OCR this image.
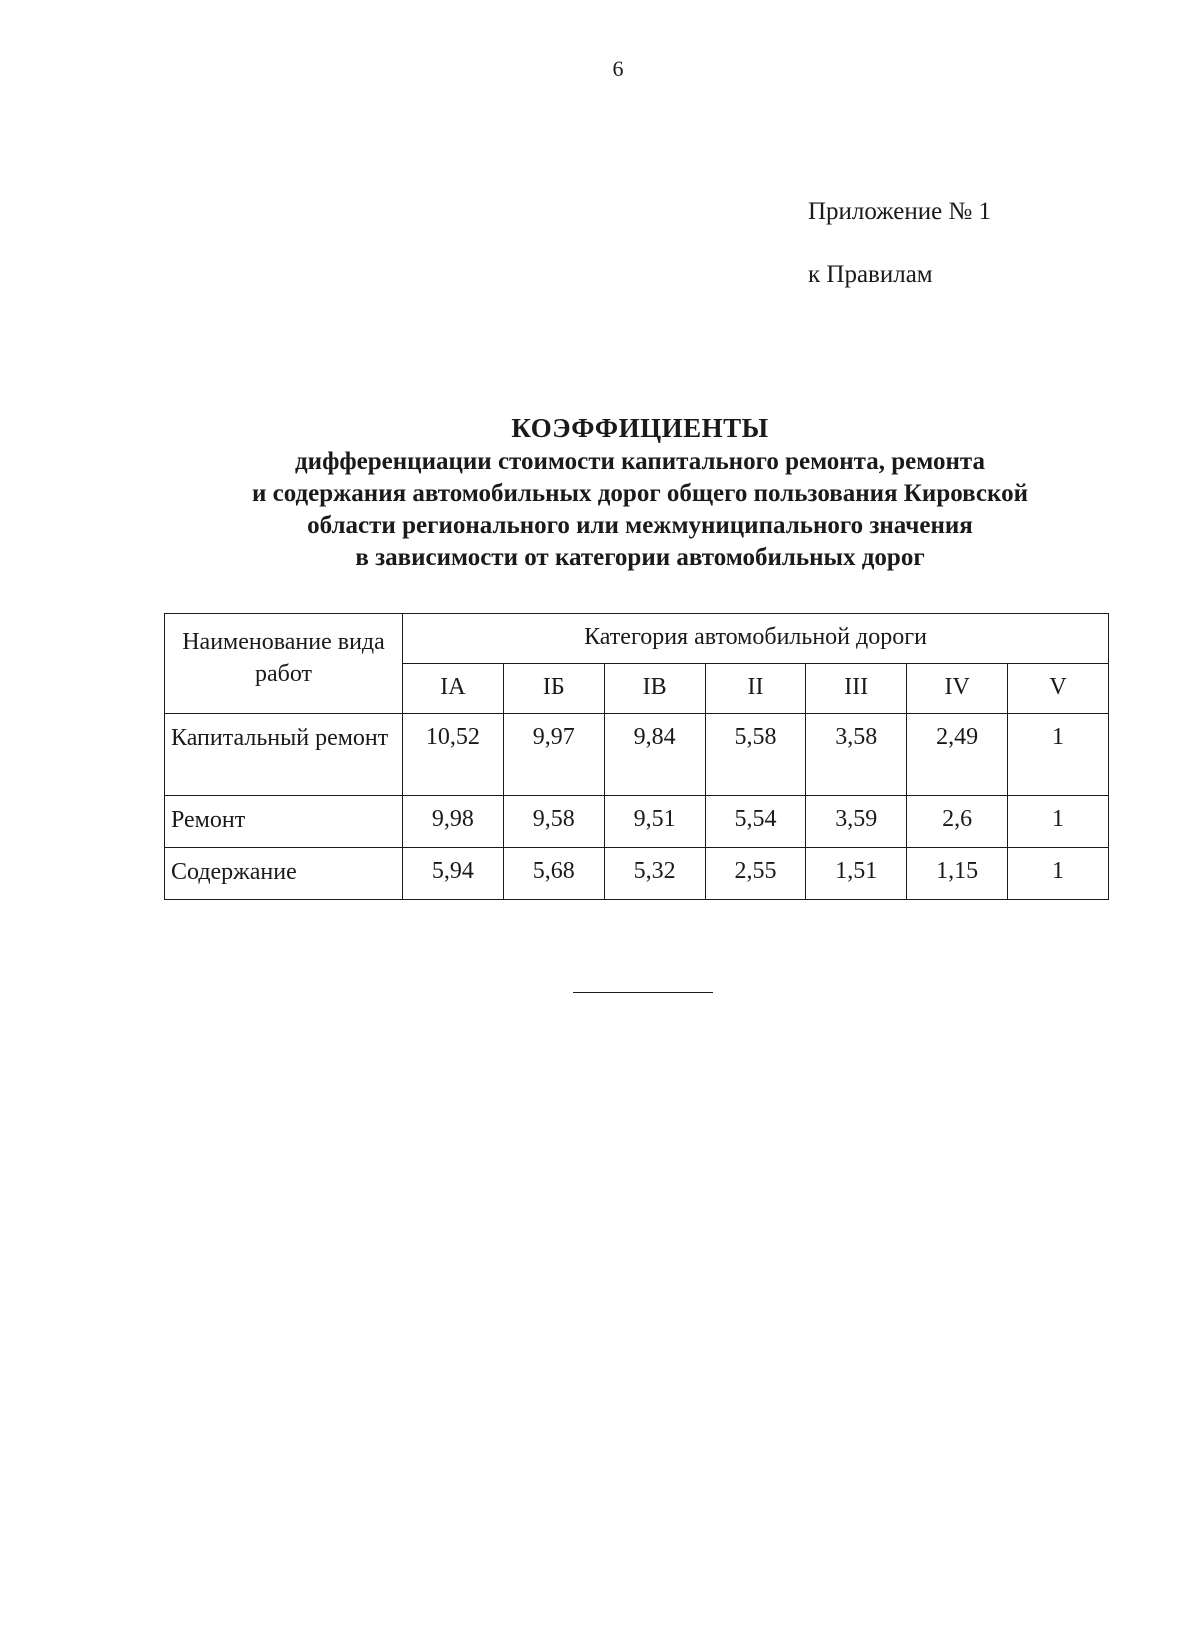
6
Приложение № 1
к Правилам
КОЭФФИЦИЕНТЫ
дифференциации стоимости капитального ремонта, ремонта
и содержания автомобильных дорог общего пользования Кировской
области регионального или межмуниципального значения
в зависимости от категории автомобильных дорог
Наименование вида работ	Категория автомобильной дороги						
	IA	IБ	IB	II	III	IV	V
Капитальный ремонт	10,52	9,97	9,84	5,58	3,58	2,49	1
Ремонт	9,98	9,58	9,51	5,54	3,59	2,6	1
Содержание	5,94	5,68	5,32	2,55	1,51	1,15	1
